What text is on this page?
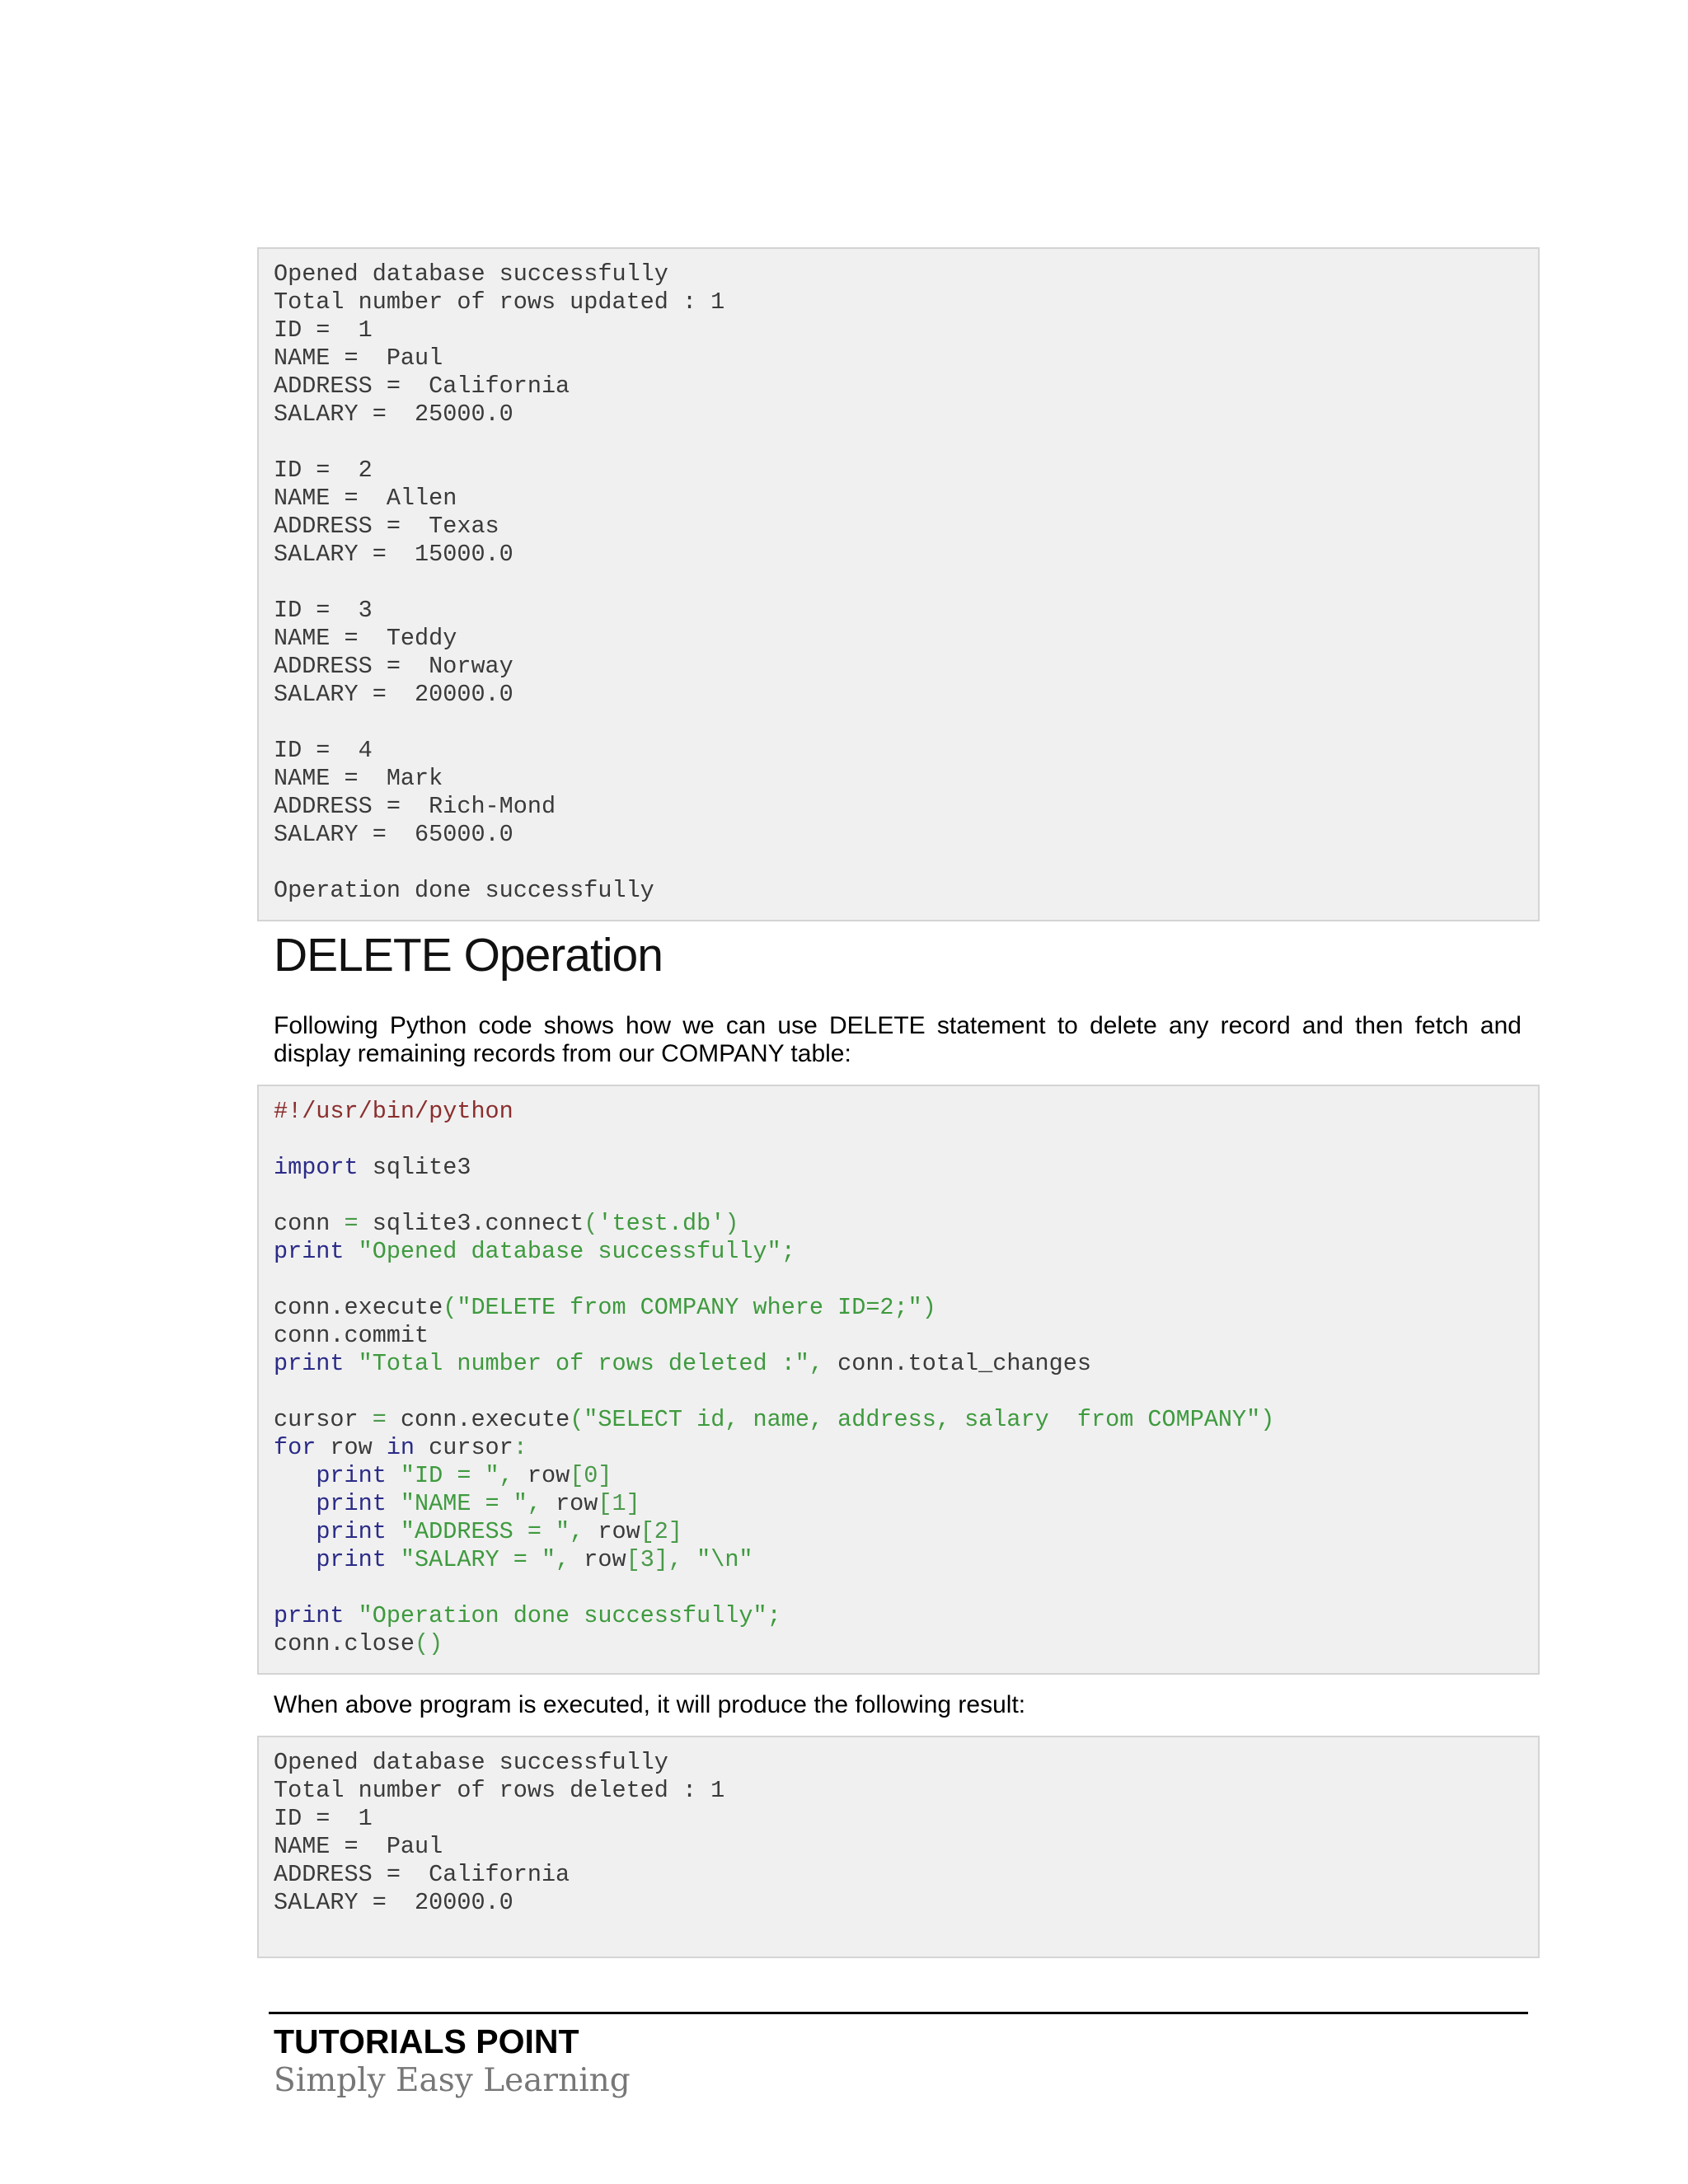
Opened database successfully
Total number of rows updated : 1
ID =  1
NAME =  Paul
ADDRESS =  California
SALARY =  25000.0
ID =  2
NAME =  Allen
ADDRESS =  Texas
SALARY =  15000.0
ID =  3
NAME =  Teddy
ADDRESS =  Norway
SALARY =  20000.0
ID =  4
NAME =  Mark
ADDRESS =  Rich-Mond
SALARY =  65000.0
Operation done successfully
DELETE Operation

Following Python code shows how we can use DELETE statement to delete any record and then fetch and display remaining records from our COMPANY table:

#!/usr/bin/python
import sqlite3
conn = sqlite3.connect('test.db')
print "Opened database successfully";
conn.execute("DELETE from COMPANY where ID=2;")
conn.commit
print "Total number of rows deleted :", conn.total_changes
cursor = conn.execute("SELECT id, name, address, salary  from COMPANY")
for row in cursor:
print "ID = ", row[0]
print "NAME = ", row[1]
print "ADDRESS = ", row[2]
print "SALARY = ", row[3], "\n"
print "Operation done successfully";
conn.close()

When above program is executed, it will produce the following result:

Opened database successfully
Total number of rows deleted : 1
ID =  1
NAME =  Paul
ADDRESS =  California
SALARY =  20000.0

TUTORIALS POINT

Simply Easy Learning
